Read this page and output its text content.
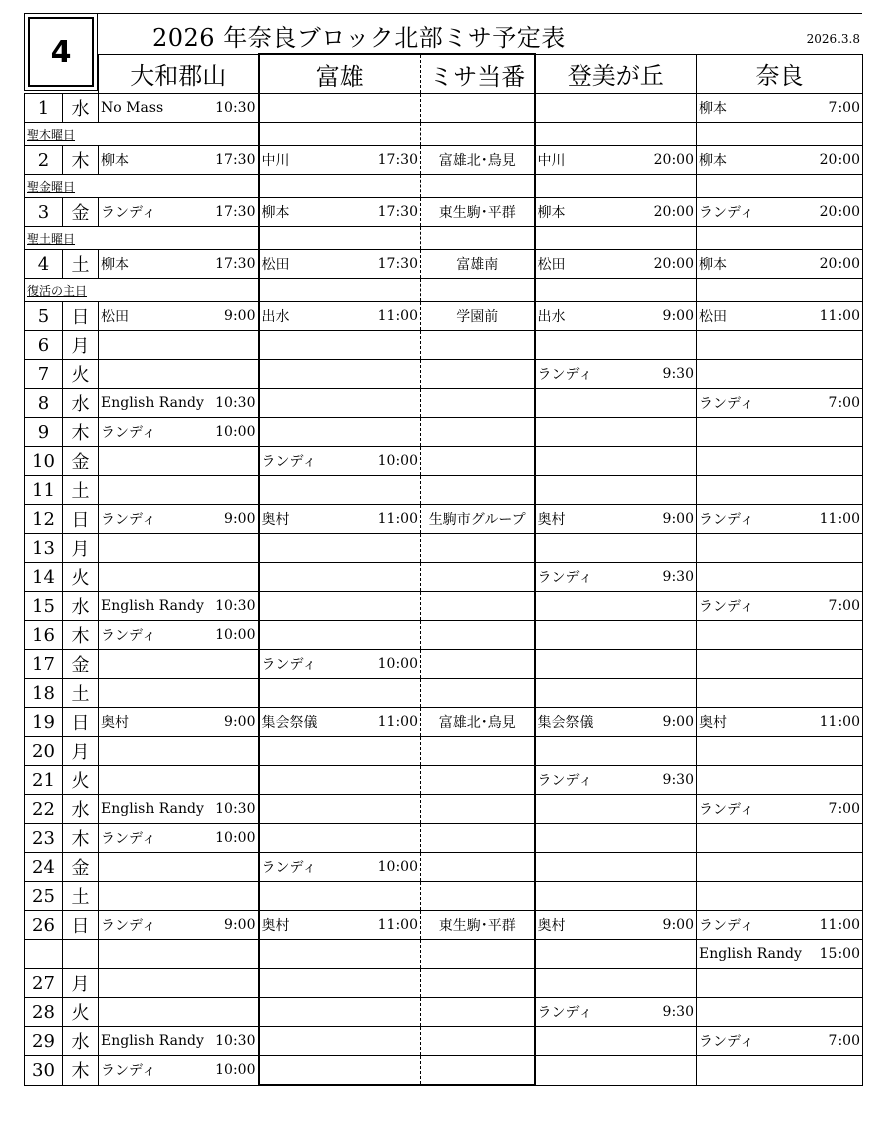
4	2026 年奈良ブロック北部ミサ予定表	2026.3.8
		大和郡山	富雄	ミサ当番	登美が丘	奈良
1	水	No Mass 10:30				柳本 7:00

聖木曜日						
2	木	柳本 17:30	中川 17:30	富雄北･鳥見	中川 20:00	柳本 20:00

聖金曜日						
3	金	ランディ 17:30	柳本 17:30	東生駒･平群	柳本 20:00	ランディ 20:00

聖土曜日						
4	土	柳本 17:30	松田 17:30	富雄南	松田 20:00	柳本 20:00

復活の主日						
5	日	松田 9:00	出水 11:00	学園前	出水 9:00	松田 11:00

6	月	

7	火				ランディ 9:30	

8	水	English Randy 10:30				ランディ 7:00

9	木	ランディ 10:00				

10	金		ランディ 10:00			

11	土	

12	日	ランディ 9:00	奥村 11:00	生駒市グループ	奥村 9:00	ランディ 11:00

13	月	

14	火				ランディ 9:30	

15	水	English Randy 10:30				ランディ 7:00

16	木	ランディ 10:00				

17	金		ランディ 10:00			

18	土	

19	日	奥村 9:00	集会祭儀 11:00	富雄北･鳥見	集会祭儀 9:00	奥村 11:00

20	月	

21	火				ランディ 9:30	

22	水	English Randy 10:30				ランディ 7:00

23	木	ランディ 10:00				

24	金		ランディ 10:00			

25	土	

26	日	ランディ 9:00	奥村 11:00	東生駒･平群	奥村 9:00	ランディ 11:00

						English Randy 15:00

27	月	

28	火				ランディ 9:30	

29	水	English Randy 10:30				ランディ 7:00

30	木	ランディ 10:00				
